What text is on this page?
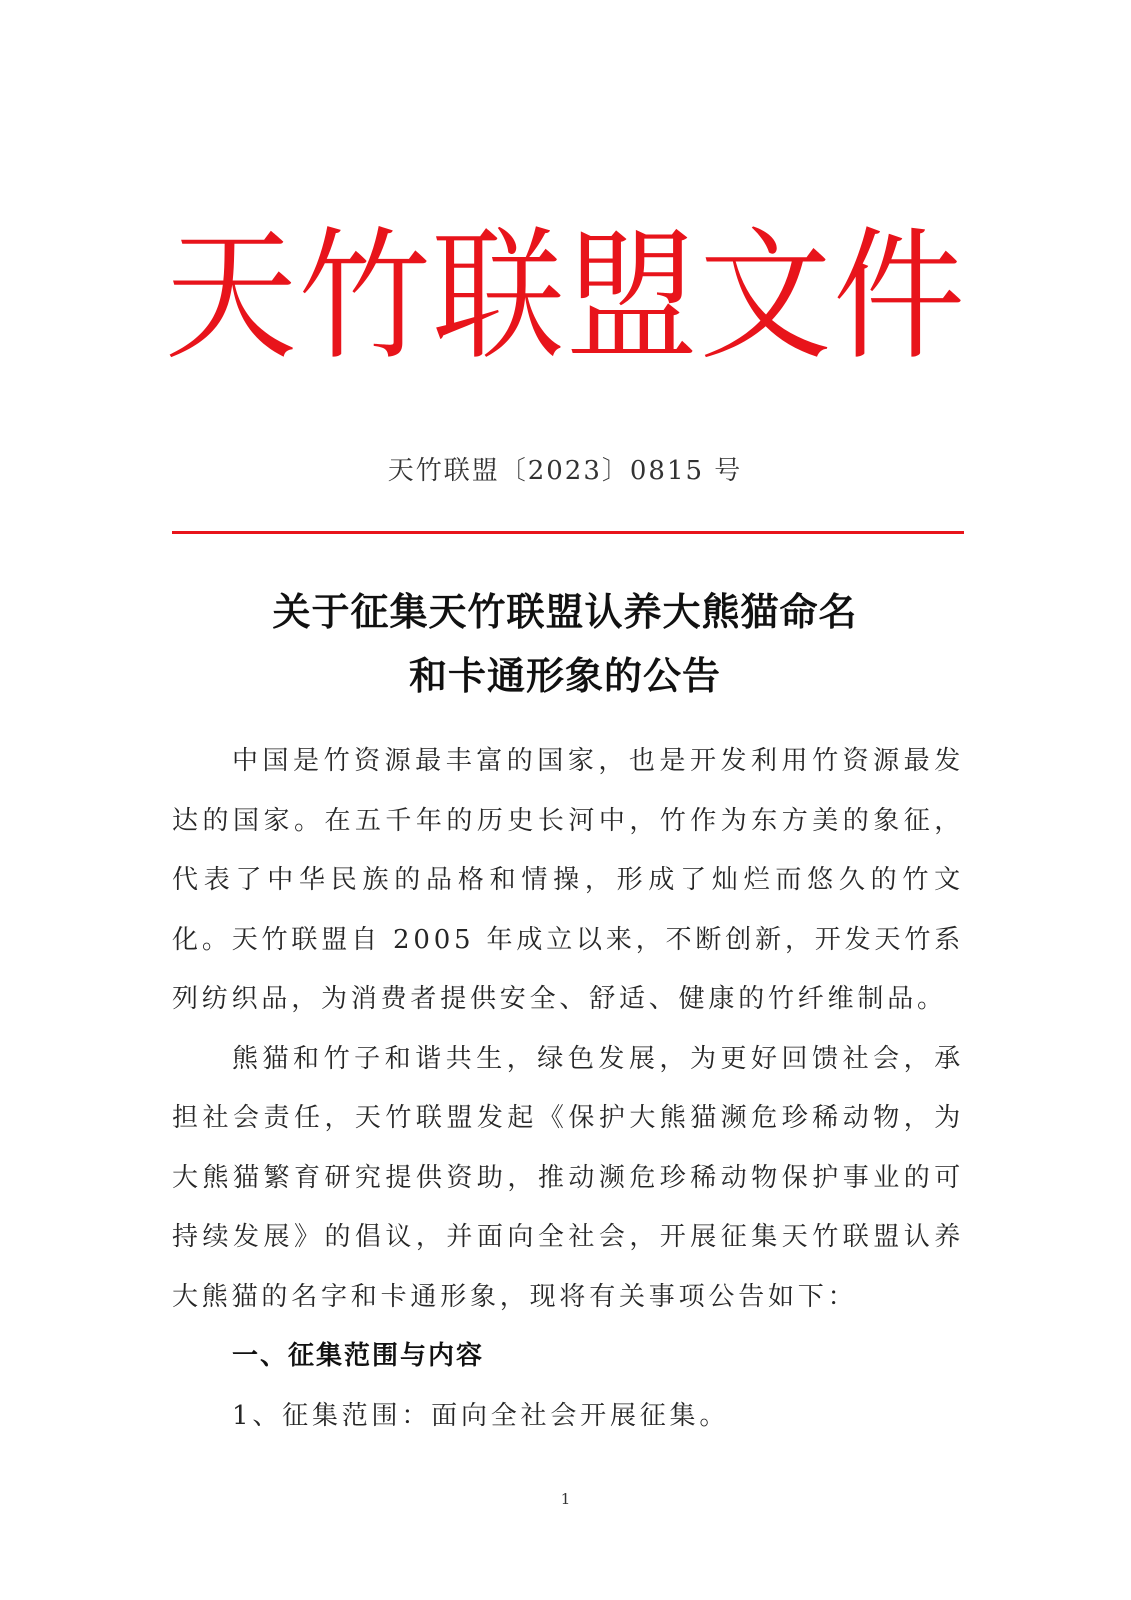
天 竹 联 盟 文 件
天竹联盟〔2023〕0815 号
关于征集天竹联盟认养大熊猫命名
和卡通形象的公告

中国是竹资源最丰富的国家，也是开发利用竹资源最发达的国家。在五千年的历史长河中，竹作为东方美的象征，代表了中华民族的品格和情操，形成了灿烂而悠久的竹文化。天竹联盟自 2005 年成立以来，不断创新，开发天竹系列纺织品，为消费者提供安全、舒适、健康的竹纤维制品。

熊猫和竹子和谐共生，绿色发展，为更好回馈社会，承担社会责任，天竹联盟发起《保护大熊猫濒危珍稀动物，为大熊猫繁育研究提供资助，推动濒危珍稀动物保护事业的可持续发展》的倡议，并面向全社会，开展征集天竹联盟认养大熊猫的名字和卡通形象，现将有关事项公告如下：

一、征集范围与内容

1、征集范围：面向全社会开展征集。

1
